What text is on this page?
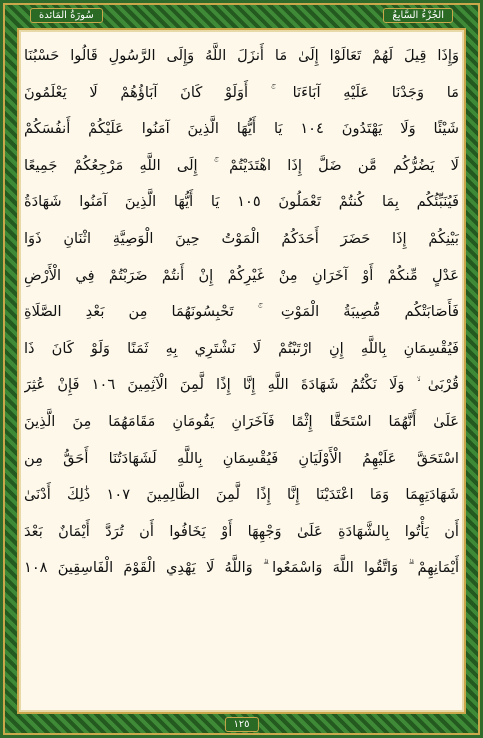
سُورَةُ المَائدة	الجُزْءُ السَّابِعُ
وَإِذَا قِيلَ لَهُمْ تَعَالَوْا إِلَىٰ مَا أَنزَلَ اللَّهُ وَإِلَى الرَّسُولِ قَالُوا حَسْبُنَا
مَا وَجَدْنَا عَلَيْهِ آبَاءَنَا ۚ أَوَلَوْ كَانَ آبَاؤُهُمْ لَا يَعْلَمُونَ
شَيْئًا وَلَا يَهْتَدُونَ ١٠٤ يَا أَيُّهَا الَّذِينَ آمَنُوا عَلَيْكُمْ أَنفُسَكُمْ
لَا يَضُرُّكُم مَّن ضَلَّ إِذَا اهْتَدَيْتُمْ ۚ إِلَى اللَّهِ مَرْجِعُكُمْ جَمِيعًا
فَيُنَبِّئُكُم بِمَا كُنتُمْ تَعْمَلُونَ ١٠٥ يَا أَيُّهَا الَّذِينَ آمَنُوا شَهَادَةُ
بَيْنِكُمْ إِذَا حَضَرَ أَحَدَكُمُ الْمَوْتُ حِينَ الْوَصِيَّةِ اثْنَانِ ذَوَا
عَدْلٍ مِّنكُمْ أَوْ آخَرَانِ مِنْ غَيْرِكُمْ إِنْ أَنتُمْ ضَرَبْتُمْ فِي الْأَرْضِ
فَأَصَابَتْكُم مُّصِيبَةُ الْمَوْتِ ۚ تَحْبِسُونَهُمَا مِن بَعْدِ الصَّلَاةِ
فَيُقْسِمَانِ بِاللَّهِ إِنِ ارْتَبْتُمْ لَا نَشْتَرِي بِهِ ثَمَنًا وَلَوْ كَانَ ذَا
قُرْبَىٰ ۙ وَلَا نَكْتُمُ شَهَادَةَ اللَّهِ إِنَّا إِذًا لَّمِنَ الْآثِمِينَ ١٠٦ فَإِنْ عُثِرَ
عَلَىٰ أَنَّهُمَا اسْتَحَقَّا إِثْمًا فَآخَرَانِ يَقُومَانِ مَقَامَهُمَا مِنَ الَّذِينَ
اسْتَحَقَّ عَلَيْهِمُ الْأَوْلَيَانِ فَيُقْسِمَانِ بِاللَّهِ لَشَهَادَتُنَا أَحَقُّ مِن
شَهَادَتِهِمَا وَمَا اعْتَدَيْنَا إِنَّا إِذًا لَّمِنَ الظَّالِمِينَ ١٠٧ ذَٰلِكَ أَدْنَىٰ
أَن يَأْتُوا بِالشَّهَادَةِ عَلَىٰ وَجْهِهَا أَوْ يَخَافُوا أَن تُرَدَّ أَيْمَانٌ بَعْدَ
أَيْمَانِهِمْ ۗ وَاتَّقُوا اللَّهَ وَاسْمَعُوا ۗ وَاللَّهُ لَا يَهْدِي الْقَوْمَ الْفَاسِقِينَ ١٠٨
١٢٥
